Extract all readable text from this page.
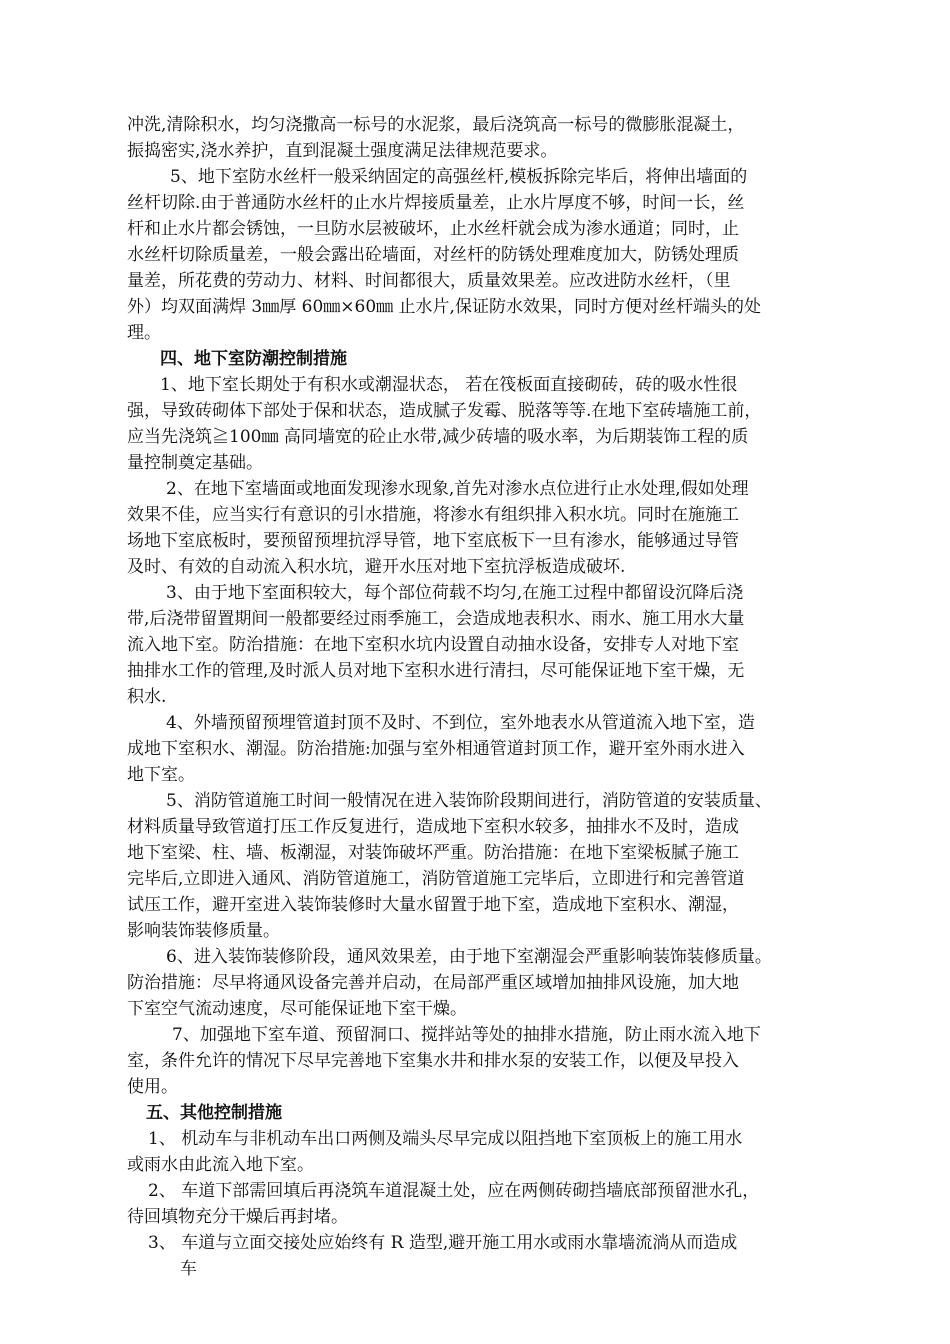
冲洗,清除积水，均匀浇撒高一标号的水泥浆，最后浇筑高一标号的微膨胀混凝土，
振捣密实,浇水养护，直到混凝土强度满足法律规范要求。
5、地下室防水丝杆一般采纳固定的高强丝杆,模板拆除完毕后，将伸出墙面的
丝杆切除.由于普通防水丝杆的止水片焊接质量差，止水片厚度不够，时间一长，丝
杆和止水片都会锈蚀，一旦防水层被破坏，止水丝杆就会成为渗水通道；同时，止
水丝杆切除质量差，一般会露出砼墙面，对丝杆的防锈处理难度加大，防锈处理质
量差，所花费的劳动力、材料、时间都很大，质量效果差。应改进防水丝杆，（里
外）均双面满焊 3㎜厚 60㎜×60㎜ 止水片,保证防水效果，同时方便对丝杆端头的处
理。
四、地下室防潮控制措施
1、地下室长期处于有积水或潮湿状态， 若在筏板面直接砌砖，砖的吸水性很
强，导致砖砌体下部处于保和状态，造成腻子发霉、脱落等等.在地下室砖墙施工前，
应当先浇筑≧100㎜ 高同墙宽的砼止水带,减少砖墙的吸水率，为后期装饰工程的质
量控制奠定基础。
2、在地下室墙面或地面发现渗水现象,首先对渗水点位进行止水处理,假如处理
效果不佳，应当实行有意识的引水措施，将渗水有组织排入积水坑。同时在施施工
场地下室底板时，要预留预埋抗浮导管，地下室底板下一旦有渗水，能够通过导管
及时、有效的自动流入积水坑，避开水压对地下室抗浮板造成破坏.
3、由于地下室面积较大，每个部位荷载不均匀,在施工过程中都留设沉降后浇
带,后浇带留置期间一般都要经过雨季施工，会造成地表积水、雨水、施工用水大量
流入地下室。防治措施：在地下室积水坑内设置自动抽水设备，安排专人对地下室
抽排水工作的管理,及时派人员对地下室积水进行清扫，尽可能保证地下室干燥，无
积水.
4、外墙预留预埋管道封顶不及时、不到位，室外地表水从管道流入地下室，造
成地下室积水、潮湿。防治措施:加强与室外相通管道封顶工作，避开室外雨水进入
地下室。
5、消防管道施工时间一般情况在进入装饰阶段期间进行，消防管道的安装质量、
材料质量导致管道打压工作反复进行，造成地下室积水较多，抽排水不及时，造成
地下室梁、柱、墙、板潮湿，对装饰破坏严重。防治措施：在地下室梁板腻子施工
完毕后,立即进入通风、消防管道施工，消防管道施工完毕后，立即进行和完善管道
试压工作，避开室进入装饰装修时大量水留置于地下室，造成地下室积水、潮湿，
影响装饰装修质量。
6、进入装饰装修阶段，通风效果差，由于地下室潮湿会严重影响装饰装修质量。
防治措施：尽早将通风设备完善并启动，在局部严重区域增加抽排风设施，加大地
下室空气流动速度，尽可能保证地下室干燥。
7、加强地下室车道、预留洞口、搅拌站等处的抽排水措施，防止雨水流入地下
室，条件允许的情况下尽早完善地下室集水井和排水泵的安装工作，以便及早投入
使用。
五、其他控制措施
1、 机动车与非机动车出口两侧及端头尽早完成以阻挡地下室顶板上的施工用水
或雨水由此流入地下室。
2、 车道下部需回填后再浇筑车道混凝土处，应在两侧砖砌挡墙底部预留泄水孔，
待回填物充分干燥后再封堵。
3、 车道与立面交接处应始终有 R 造型,避开施工用水或雨水靠墙流淌从而造成
车
